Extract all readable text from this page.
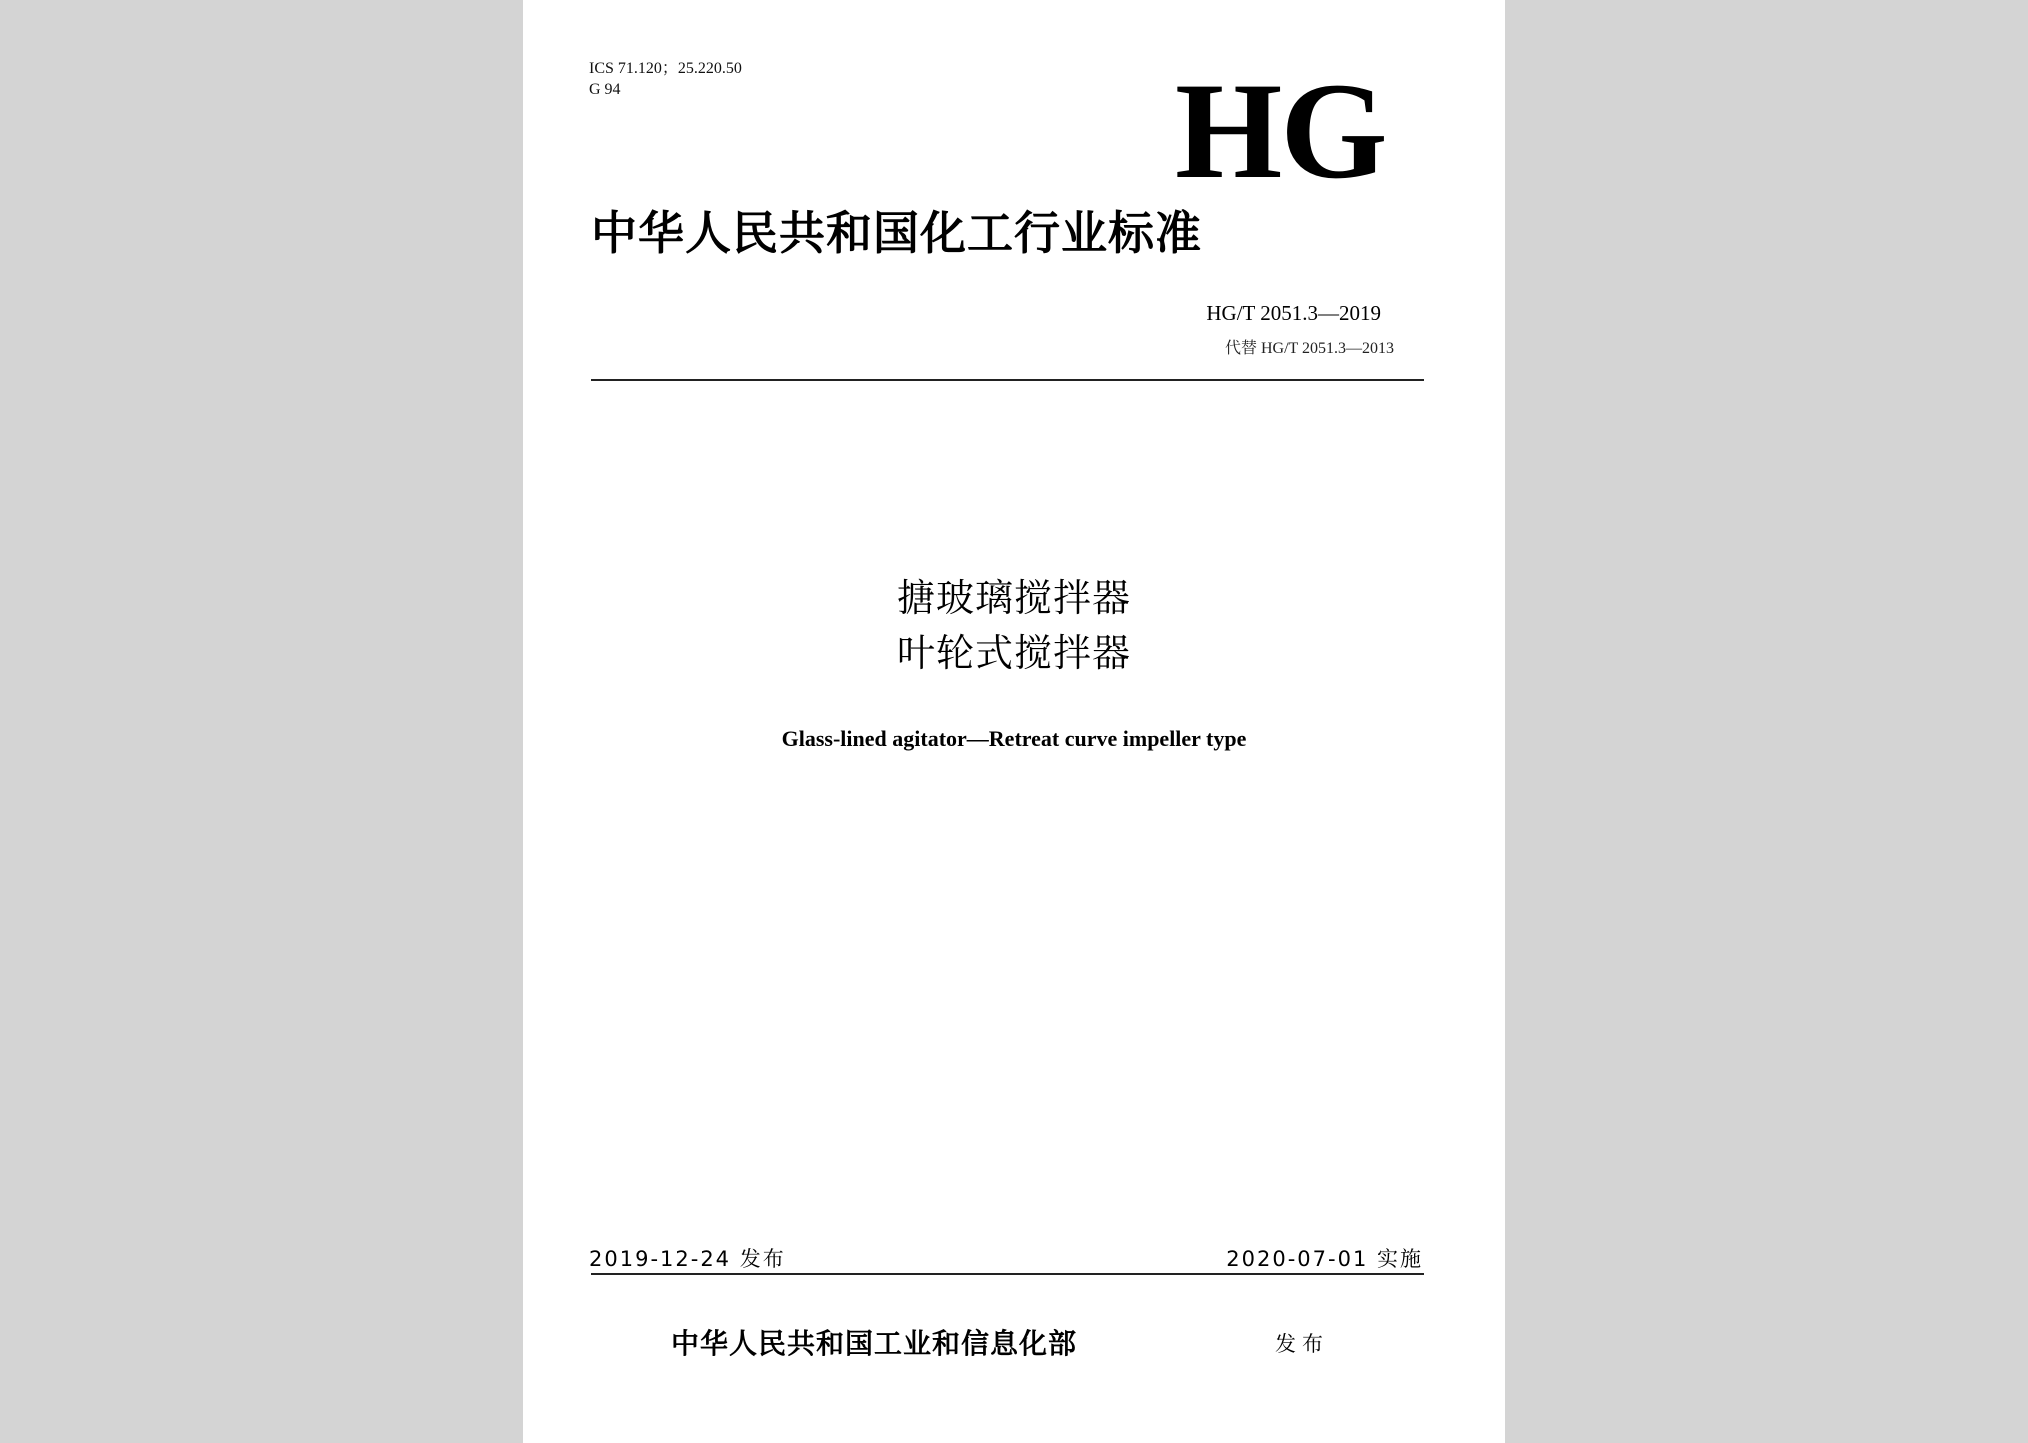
ICS 71.120；25.220.50
G 94	HG
中华人民共和国化工行业标准
HG/T 2051.3—2019
代替 HG/T 2051.3—2013
搪玻璃搅拌器
叶轮式搅拌器
Glass-lined agitator—Retreat curve impeller type
2019-12-24 发布	2020-07-01 实施
中华人民共和国工业和信息化部	发布
